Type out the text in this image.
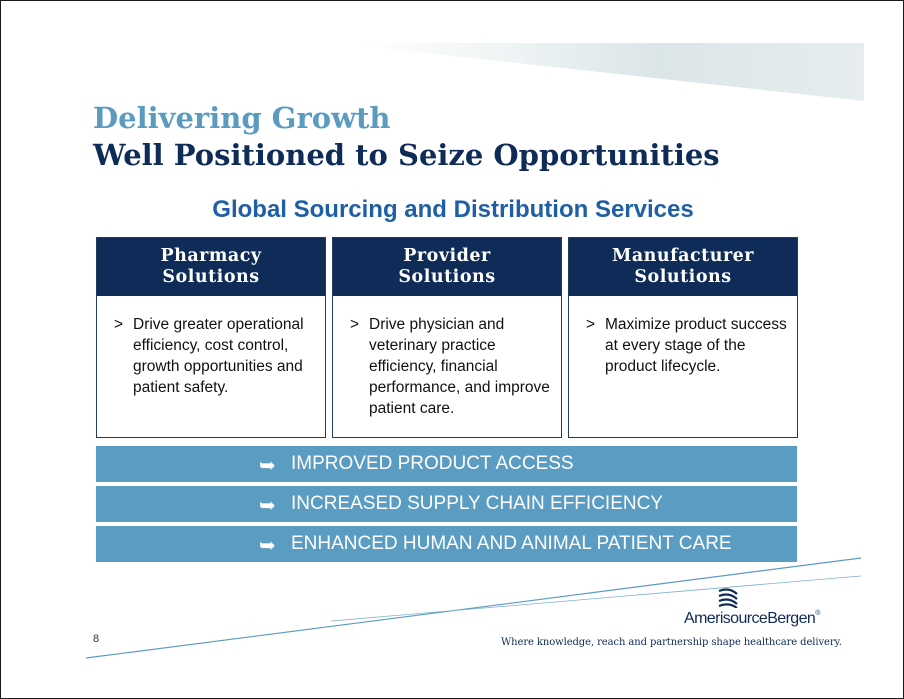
Delivering Growth
Well Positioned to Seize Opportunities
Global Sourcing and Distribution Services
Pharmacy
Solutions
> Drive greater operational efficiency, cost control, growth opportunities and patient safety.
Provider
Solutions
> Drive physician and veterinary practice efficiency, financial performance, and improve patient care.
Manufacturer
Solutions
> Maximize product success at every stage of the product lifecycle.
➥ IMPROVED PRODUCT ACCESS
➥ INCREASED SUPPLY CHAIN EFFICIENCY
➥ ENHANCED HUMAN AND ANIMAL PATIENT CARE
8
AmerisourceBergen®
Where knowledge, reach and partnership shape healthcare delivery.
